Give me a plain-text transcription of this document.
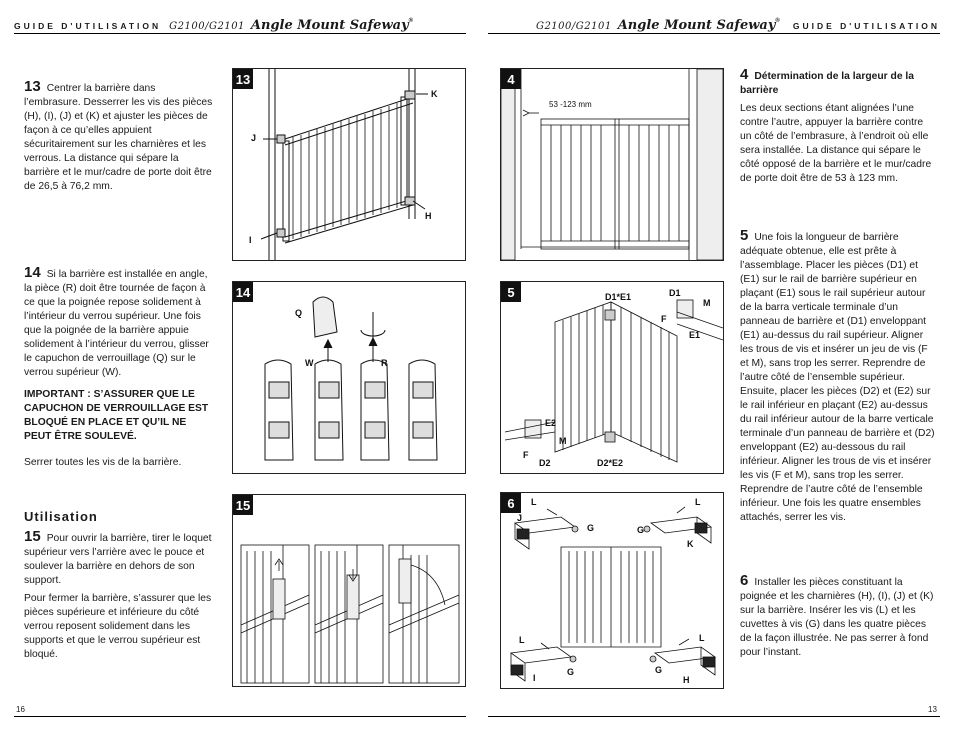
GUIDE D'UTILISATION G2100/G2101 Angle Mount Safeway®	G2100/G2101 Angle Mount Safeway® GUIDE D'UTILISATION
13 Centrer la barrière dans l’embrasure. Desserrer les vis des pièces (H), (I), (J) et (K) et ajuster les pièces de façon à ce qu’elles appuient sécuritairement sur les charnières et les verrous. La distance qui sépare la barrière et le mur/cadre de porte doit être de 26,5 à 76,2 mm.

14 Si la barrière est installée en angle, la pièce (R) doit être tournée de façon à ce que la poignée repose solidement à l’intérieur du verrou supérieur. Une fois que la poignée de la barrière appuie solidement à l’intérieur du verrou, glisser le capuchon de verrouillage (Q) sur le verrou supérieur (W).

IMPORTANT : S’ASSURER QUE LE CAPUCHON DE VERROUILLAGE EST BLOQUÉ EN PLACE ET QU’IL NE PEUT ÊTRE SOULEVÉ.

Serrer toutes les vis de la barrière.

Utilisation

15 Pour ouvrir la barrière, tirer le loquet supérieur vers l’arrière avec le pouce et soulever la barrière en dehors de son support.

Pour fermer la barrière, s’assurer que les pièces supérieure et inférieure du côté verrou reposent solidement dans les supports et que le verrou supérieur est bloqué.

K
J
H
I
13
Q
W	R
14
15
53 -123 mm
4
D1
M
D1*E1
F
E1
E2
M
F
D2	D2*E2
5
L
J
G	G
L
K
L
I
G	G
L
H
6

4 Détermination de la largeur de la barrière

Les deux sections étant alignées l’une contre l’autre, appuyer la barrière contre un côté de l’embrasure, à l’endroit où elle sera installée. La distance qui sépare le côté opposé de la barrière et le mur/cadre de porte doit être de 53 à 123 mm.

5 Une fois la longueur de barrière adéquate obtenue, elle est prête à l’assemblage. Placer les pièces (D1) et (E1) sur le rail de barrière supérieur en plaçant (E1) sous le rail supérieur autour de la barra verticale terminale d’un panneau de barrière et (D1) enveloppant (E1) au-dessus du rail supérieur. Aligner les trous de vis et insérer un jeu de vis (F et M), sans trop les serrer. Reprendre de l’autre côté de l’ensemble supérieur. Ensuite, placer les pièces (D2) et (E2) sur le rail inférieur en plaçant (E2) au-dessus du rail inférieur autour de la barre verticale terminale d’un panneau de barrière et (D2) enveloppant (E2) au-dessous du rail inférieur. Aligner les trous de vis et insérer les vis (F et M), sans trop les serrer. Reprendre de l’autre côté de l’ensemble inférieur. Une fois les quatre ensembles attachés, serrer les vis.
6 Installer les pièces constituant la poignée et les charnières (H), (I), (J) et (K) sur la barrière. Insérer les vis (L) et les cuvettes à vis (G) dans les quatre pièces de la façon illustrée. Ne pas serrer à fond pour l’instant.
16	13
